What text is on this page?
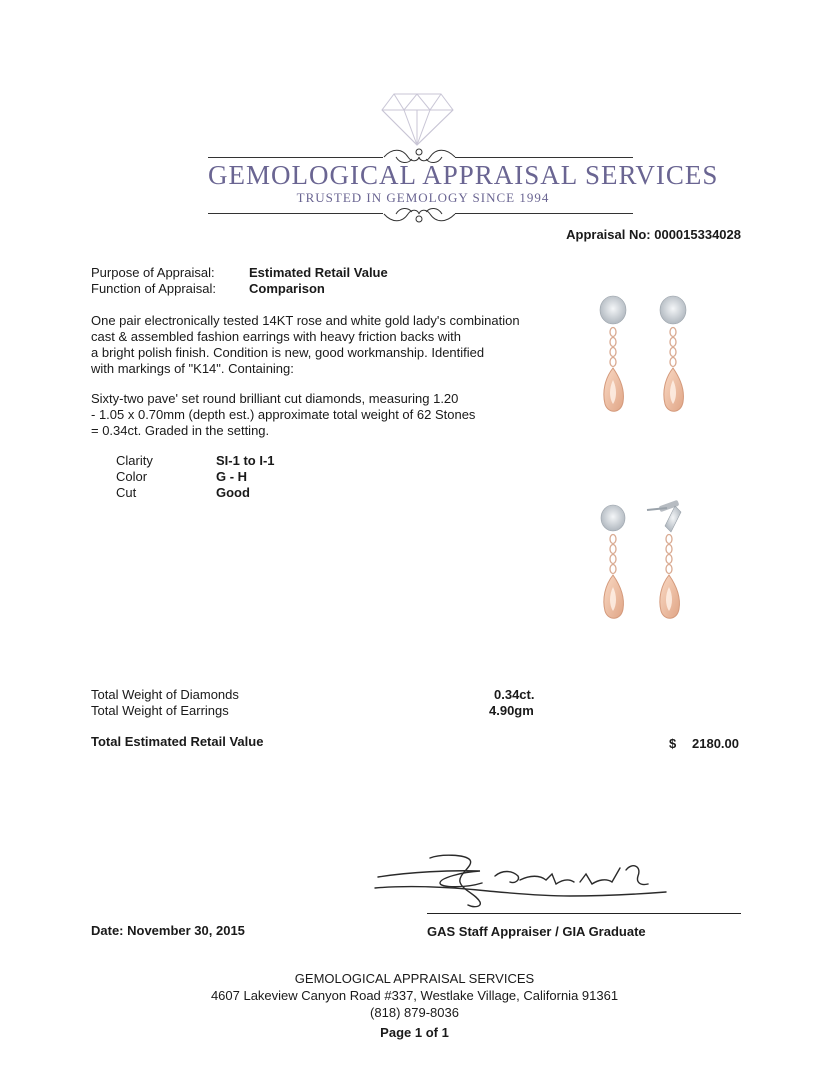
GEMOLOGICAL APPRAISAL SERVICES
TRUSTED IN GEMOLOGY SINCE 1994
Appraisal No: 000015334028
Purpose of Appraisal:	Estimated Retail Value
Function of Appraisal:	Comparison

One pair electronically tested 14KT rose and white gold lady's combination

cast & assembled fashion earrings with heavy friction backs with

a bright polish finish. Condition is new, good workmanship. Identified

with markings of "K14". Containing:

Sixty-two pave' set round brilliant cut diamonds, measuring 1.20

- 1.05 x 0.70mm (depth est.) approximate total weight of 62 Stones

= 0.34ct. Graded in the setting.

Clarity	SI-1 to I-1
Color	G - H
Cut	Good
Total Weight of Diamonds	0.34ct.
Total Weight of Earrings	4.90gm
Total Estimated Retail Value	$ 2180.00
Date: November 30, 2015	GAS Staff Appraiser / GIA Graduate
GEMOLOGICAL APPRAISAL SERVICES
4607 Lakeview Canyon Road #337, Westlake Village, California 91361
(818) 879-8036
Page 1 of 1
